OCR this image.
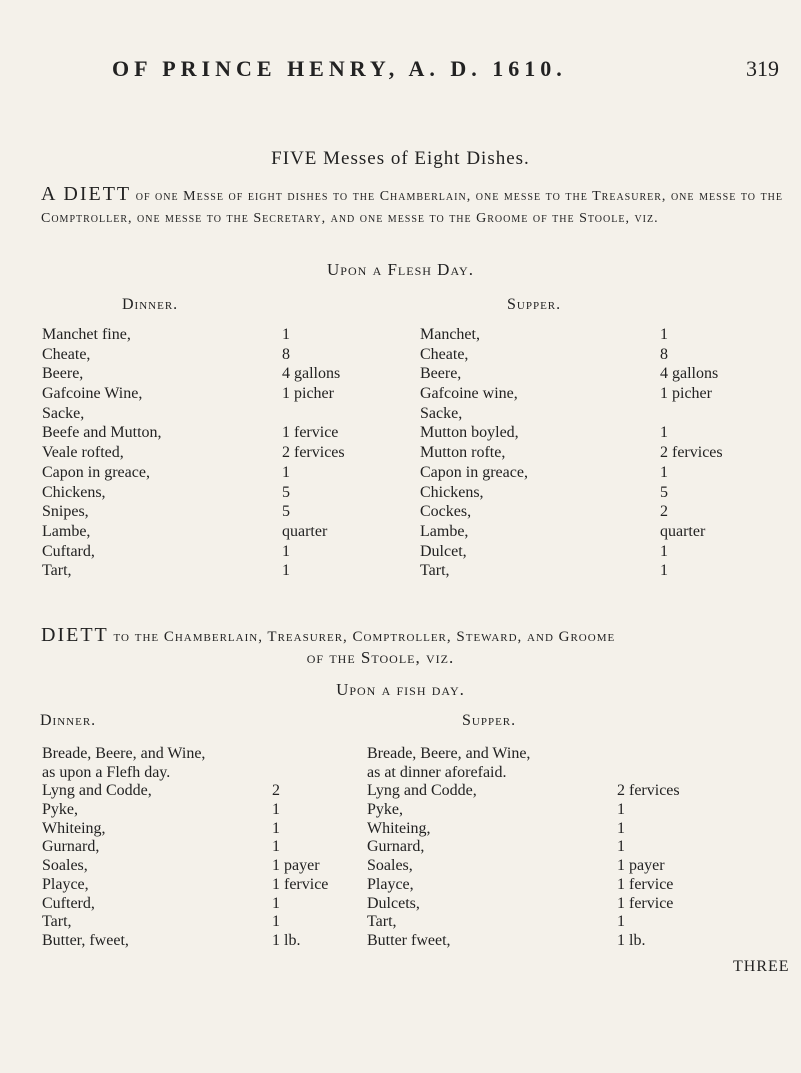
OF PRINCE HENRY, A. D. 1610.	319
FIVE Messes of Eight Dishes.
A DIETT of one Messe of eight dishes to the Chamberlain, one messe to the Treasurer, one messe to the Comptroller, one messe to the Secretary, and one messe to the Groome of the Stoole, viz.
Upon a Flesh Day.
Dinner.	Supper.
Manchet fine,	1	Manchet,	1
Cheate,	8	Cheate,	8
Beere,	4 gallons	Beere,	4 gallons
Gafcoine Wine,	1 picher	Gafcoine wine,	1 picher
Sacke,		Sacke,	
Beefe and Mutton,	1 fervice	Mutton boyled,	1
Veale rofted,	2 fervices	Mutton rofte,	2 fervices
Capon in greace,	1	Capon in greace,	1
Chickens,	5	Chickens,	5
Snipes,	5	Cockes,	2
Lambe,	quarter	Lambe,	quarter
Cuftard,	1	Dulcet,	1
Tart,	1	Tart,	1
DIETT to the Chamberlain, Treasurer, Comptroller, Steward, and Groome
of the Stoole, viz.
Upon a fish day.
Dinner.	Supper.
Breade, Beere, and Wine,		Breade, Beere, and Wine,	
as upon a Flefh day.		as at dinner aforefaid.	
Lyng and Codde,	2	Lyng and Codde,	2 fervices
Pyke,	1	Pyke,	1
Whiteing,	1	Whiteing,	1
Gurnard,	1	Gurnard,	1
Soales,	1 payer	Soales,	1 payer
Playce,	1 fervice	Playce,	1 fervice
Cufterd,	1	Dulcets,	1 fervice
Tart,	1	Tart,	1
Butter, fweet,	1 lb.	Butter fweet,	1 lb.
THREE
